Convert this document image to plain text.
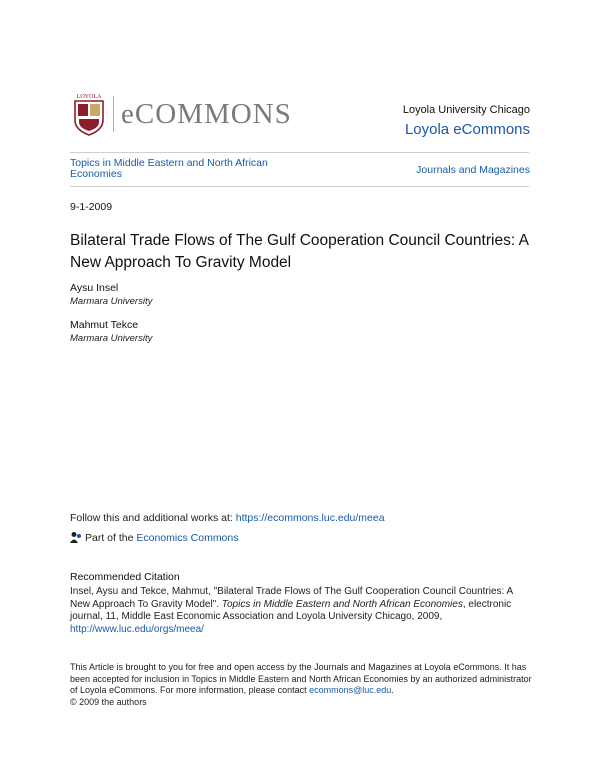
LOYOLA
eCOMMONS	Loyola University Chicago
Loyola eCommons
Topics in Middle Eastern and North African Economies	Journals and Magazines
9-1-2009
Bilateral Trade Flows of The Gulf Cooperation Council Countries: A New Approach To Gravity Model
Aysu Insel
Marmara University
Mahmut Tekce
Marmara University
Follow this and additional works at: https://ecommons.luc.edu/meea
Part of the Economics Commons
Recommended Citation
Insel, Aysu and Tekce, Mahmut, "Bilateral Trade Flows of The Gulf Cooperation Council Countries: A New Approach To Gravity Model". Topics in Middle Eastern and North African Economies, electronic journal, 11, Middle East Economic Association and Loyola University Chicago, 2009, http://www.luc.edu/orgs/meea/
This Article is brought to you for free and open access by the Journals and Magazines at Loyola eCommons. It has been accepted for inclusion in Topics in Middle Eastern and North African Economies by an authorized administrator of Loyola eCommons. For more information, please contact ecommons@luc.edu.
© 2009 the authors
